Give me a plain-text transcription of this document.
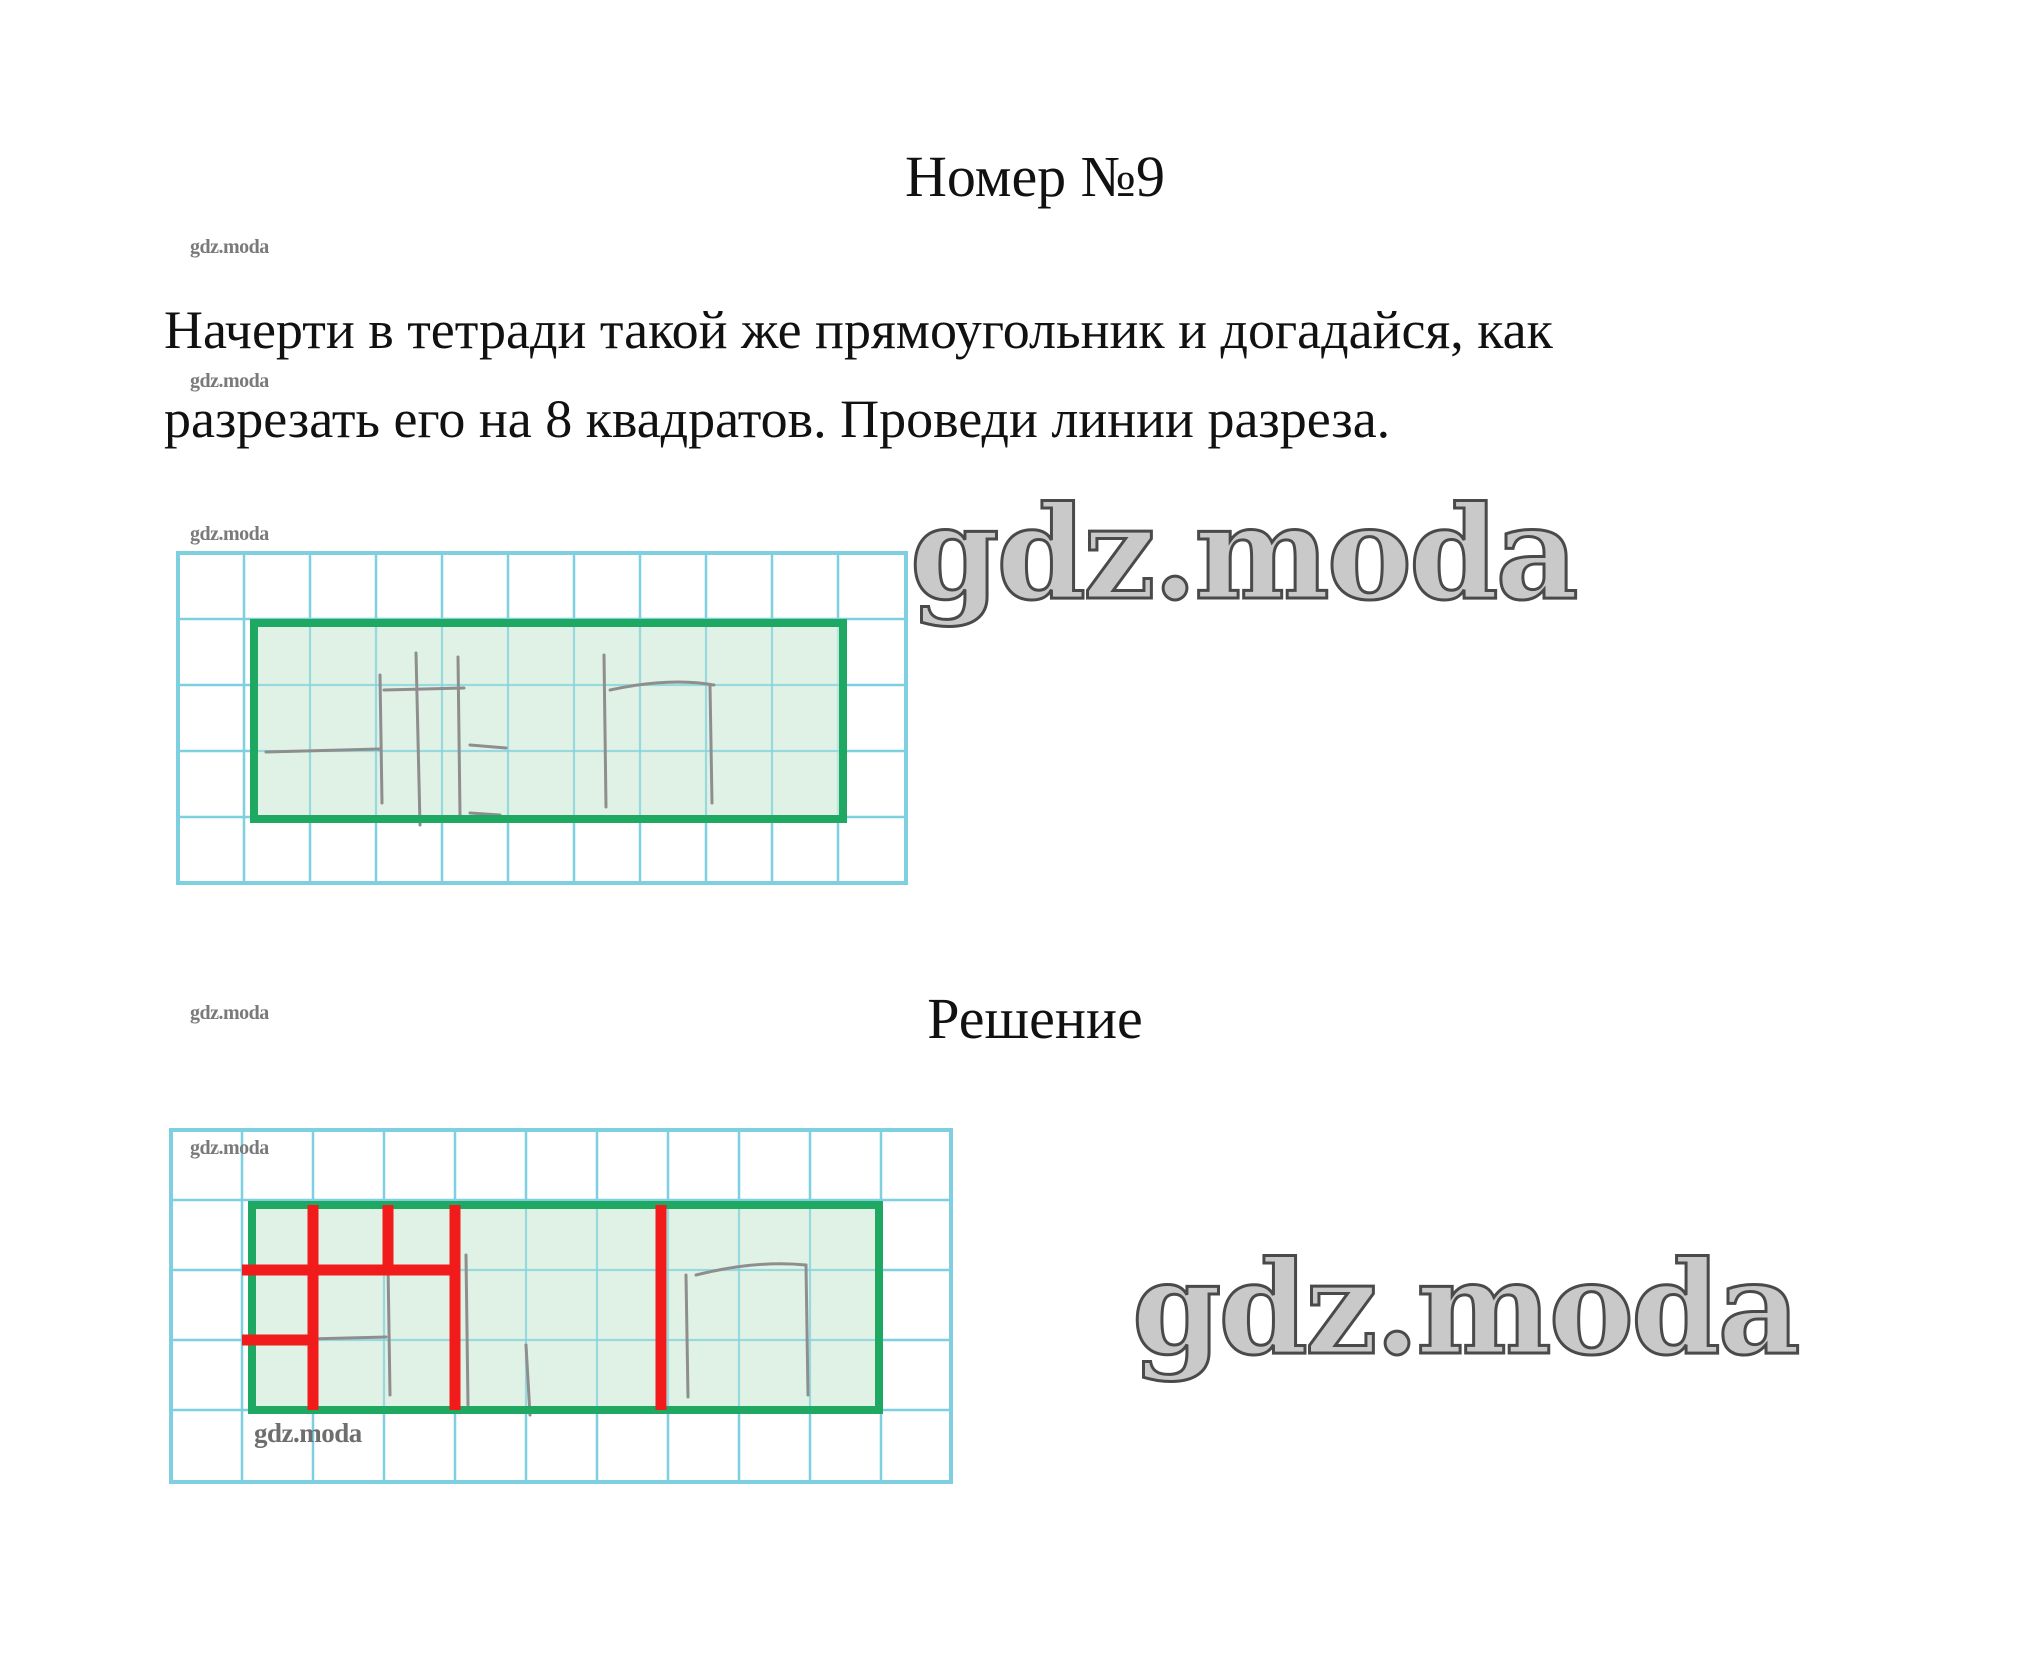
Номер №9
gdz.moda

Начерти в тетради такой же прямоугольник и догадайся, как
разрезать его на 8 квадратов. Проведи линии разреза.

gdz.moda
gdz.moda	gdz.moda
gdz.moda	Решение
gdz.moda
gdz.moda
gdz.moda
